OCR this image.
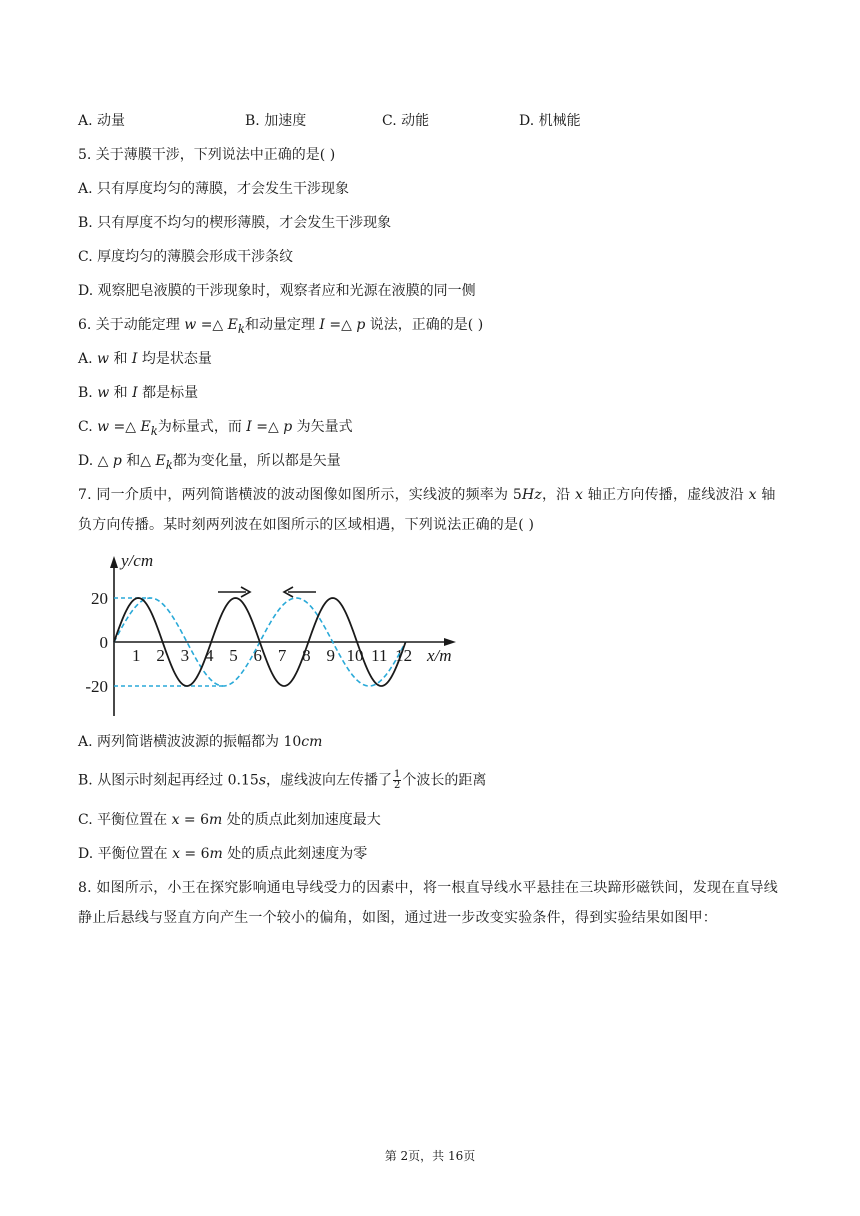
A. 动量	B. 加速度	C. 动能	D. 机械能
5. 关于薄膜干涉，下列说法中正确的是( )
A. 只有厚度均匀的薄膜，才会发生干涉现象
B. 只有厚度不均匀的楔形薄膜，才会发生干涉现象
C. 厚度均匀的薄膜会形成干涉条纹
D. 观察肥皂液膜的干涉现象时，观察者应和光源在液膜的同一侧
6. 关于动能定理 w =△ $E_k$和动量定理 I =△ p 说法，正确的是( )
A. w 和 I 均是状态量
B. w 和 I 都是标量
C. w =△ $E_k$为标量式，而 I =△ p 为矢量式
D. △ p 和△ $E_k$都为变化量，所以都是矢量
7. 同一介质中，两列简谐横波的波动图像如图所示，实线波的频率为 5Hz，沿 x 轴正方向传播，虚线波沿 x 轴负方向传播。某时刻两列波在如图所示的区域相遇，下列说法正确的是( )
1 2 3 4 5 6 7 8 9 10 11 12
y/cm
x/m
20
0
-20
A. 两列简谐横波波源的振幅都为 10cm
B. 从图示时刻起再经过 0.15s，虚线波向左传播了 $\frac{1}{2}$ 个波长的距离
C. 平衡位置在 x = 6m 处的质点此刻加速度最大
D. 平衡位置在 x = 6m 处的质点此刻速度为零
8. 如图所示，小王在探究影响通电导线受力的因素中，将一根直导线水平悬挂在三块蹄形磁铁间，发现在直导线静止后悬线与竖直方向产生一个较小的偏角，如图，通过进一步改变实验条件，得到实验结果如图甲：
第 2页，共 16页
